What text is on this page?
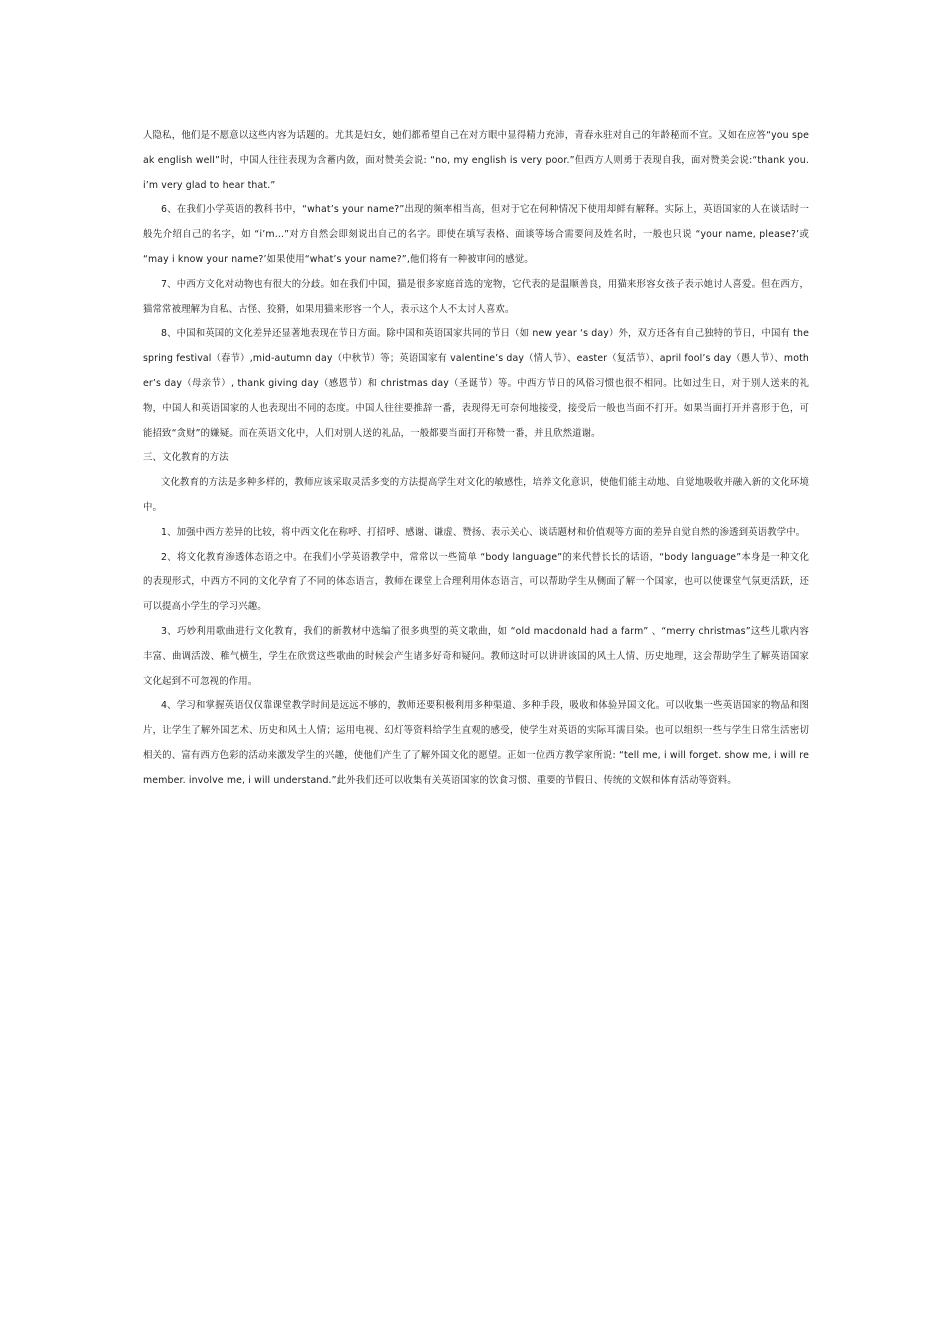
人隐私，他们是不愿意以这些内容为话题的。尤其是妇女，她们都希望自己在对方眼中显得精力充沛，青春永驻对自己的年龄秘而不宣。又如在应答“you speak english well”时，中国人往往表现为含蓄内敛，面对赞美会说: “no, my english is very poor.”但西方人则勇于表现自我，面对赞美会说:“thank you. i’m very glad to hear that.”

6、在我们小学英语的教科书中，“what’s your name?”出现的频率相当高，但对于它在何种情况下使用却鲜有解释。实际上，英语国家的人在谈话时一般先介绍自己的名字，如 “i’m…”对方自然会即刻说出自己的名字。即使在填写表格、面谈等场合需要问及姓名时，一般也只说 “your name, please?’或 “may i know your name?’如果使用“what’s your name?”,他们将有一种被审问的感觉。

7、中西方文化对动物也有很大的分歧。如在我们中国，猫是很多家庭首选的宠物，它代表的是温顺善良，用猫来形容女孩子表示她讨人喜爱。但在西方，猫常常被理解为自私、古怪、狡猾，如果用猫来形容一个人，表示这个人不太讨人喜欢。

8、中国和英国的文化差异还显著地表现在节日方面。除中国和英语国家共同的节日（如 new year ‘s day）外，双方还各有自己独特的节日，中国有 the spring festival（春节）,mid-autumn day（中秋节）等；英语国家有 valentine’s day（情人节）、easter（复活节）、april fool’s day（愚人节）、mother’s day（母亲节）, thank giving day（感恩节）和 christmas day（圣诞节）等。中西方节日的风俗习惯也很不相同。比如过生日，对于别人送来的礼物，中国人和英语国家的人也表现出不同的态度。中国人往往要推辞一番，表现得无可奈何地接受，接受后一般也当面不打开。如果当面打开并喜形于色，可能招致“贪财”的嫌疑。而在英语文化中，人们对别人送的礼品，一般都要当面打开称赞一番，并且欣然道谢。

三、文化教育的方法

文化教育的方法是多种多样的，教师应该采取灵活多变的方法提高学生对文化的敏感性，培养文化意识，使他们能主动地、自觉地吸收并融入新的文化环境中。

1、加强中西方差异的比较，将中西文化在称呼、打招呼、感谢、谦虚、赞扬、表示关心、谈话题材和价值观等方面的差异自觉自然的渗透到英语教学中。

2、将文化教育渗透体态语之中。在我们小学英语教学中，常常以一些简单 “body language”的来代替长长的话语，“body language”本身是一种文化的表现形式，中西方不同的文化孕育了不同的体态语言，教师在课堂上合理利用体态语言，可以帮助学生从侧面了解一个国家，也可以使课堂气氛更活跃，还可以提高小学生的学习兴趣。

3、巧妙利用歌曲进行文化教育，我们的新教材中选编了很多典型的英文歌曲，如 “old macdonald had a farm” 、“merry christmas”这些儿歌内容丰富、曲调活泼、稚气横生，学生在欣赏这些歌曲的时候会产生诸多好奇和疑问。教师这时可以讲讲该国的风土人情、历史地理，这会帮助学生了解英语国家文化起到不可忽视的作用。

4、学习和掌握英语仅仅靠课堂教学时间是远远不够的，教师还要积极利用多种渠道、多种手段，吸收和体验异国文化。可以收集一些英语国家的物品和图片，让学生了解外国艺术、历史和风土人情；运用电视、幻灯等资料给学生直观的感受，使学生对英语的实际耳濡目染。也可以组织一些与学生日常生活密切相关的、富有西方色彩的活动来激发学生的兴趣，使他们产生了了解外国文化的愿望。正如一位西方教学家所说: “tell me, i will forget. show me, i will remember. involve me, i will understand.”此外我们还可以收集有关英语国家的饮食习惯、重要的节假日、传统的文娱和体育活动等资料。
